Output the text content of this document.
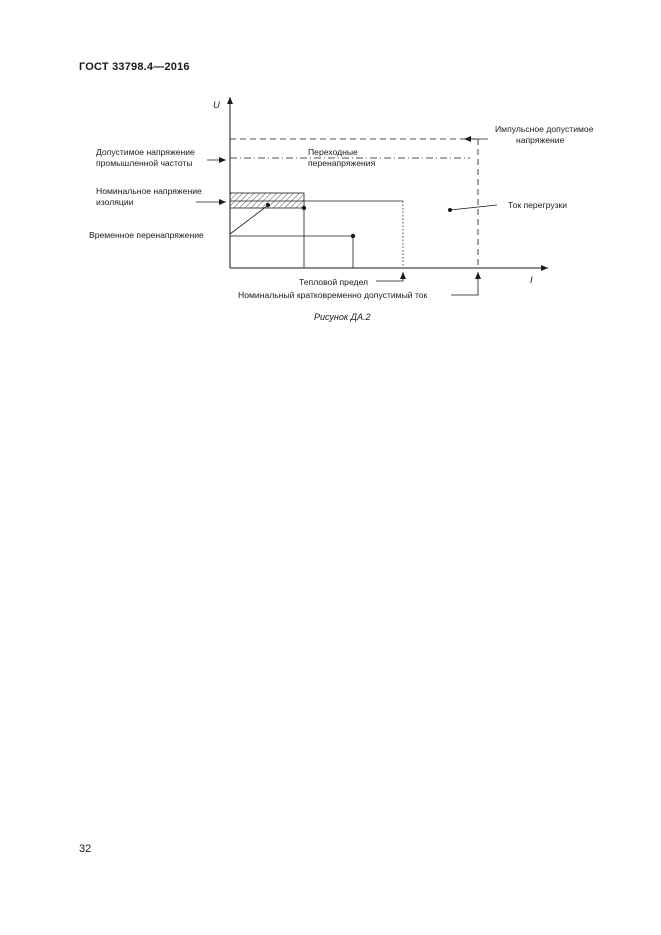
ГОСТ 33798.4—2016
U
I
Импульсное допустимое
напряжение
Допустимое напряжение
промышленной частоты
Переходные
перенапряжения
Номинальное напряжение
изоляции
Временное перенапряжение
Ток перегрузки
Тепловой предел
Номинальный кратковременно допустимый ток
Рисунок ДА.2
32
